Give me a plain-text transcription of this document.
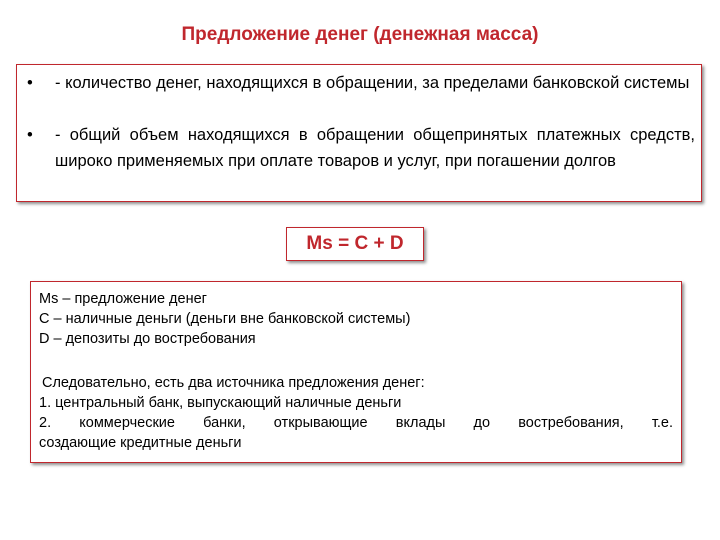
Предложение денег (денежная масса)
• - количество денег, находящихся в обращении, за пределами банковской системы
• - общий объем находящихся в обращении общепринятых платежных средств, широко применяемых при оплате товаров и услуг, при погашении долгов
Ms = C + D
Ms – предложение денег
C – наличные деньги (деньги вне банковской системы)
D – депозиты до востребования
Следовательно, есть два источника предложения денег:
1. центральный банк, выпускающий наличные деньги
2. коммерческие банки, открывающие вклады до востребования, т.е.
создающие кредитные деньги
